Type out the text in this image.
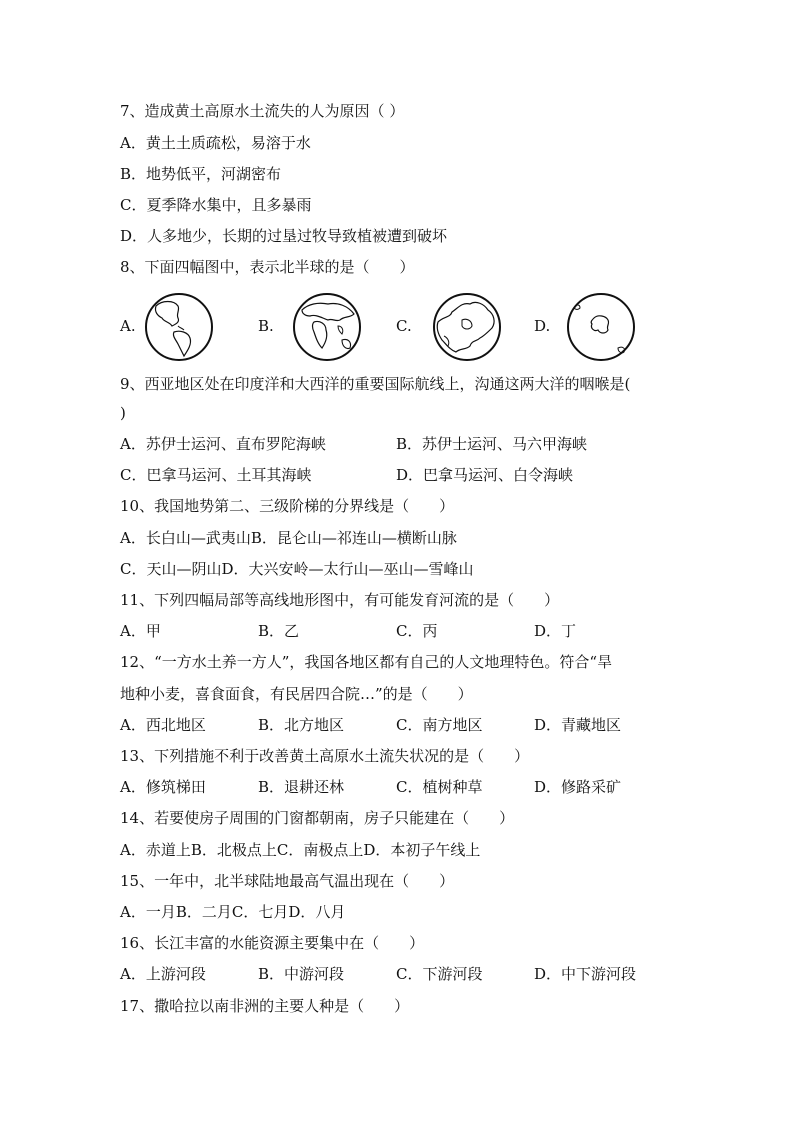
7、造成黄土高原水土流失的人为原因（ ）
A．黄土土质疏松，易溶于水
B．地势低平，河湖密布
C．夏季降水集中，且多暴雨
D．人多地少，长期的过垦过牧导致植被遭到破坏
8、下面四幅图中，表示北半球的是（　　）
A.	B.	C.	D.
9、西亚地区处在印度洋和大西洋的重要国际航线上，沟通这两大洋的咽喉是(
)
A．苏伊士运河、直布罗陀海峡	B．苏伊士运河、马六甲海峡
C．巴拿马运河、土耳其海峡	D．巴拿马运河、白令海峡
10、我国地势第二、三级阶梯的分界线是（　　）
A．长白山—武夷山B．昆仑山—祁连山—横断山脉
C．天山—阴山D．大兴安岭—太行山—巫山—雪峰山
11、下列四幅局部等高线地形图中，有可能发育河流的是（　　）
A．甲	B．乙	C．丙	D．丁
12、“一方水土养一方人”，我国各地区都有自己的人文地理特色。符合“旱
地种小麦，喜食面食，有民居四合院…”的是（　　）
A．西北地区	B．北方地区	C．南方地区	D．青藏地区
13、下列措施不利于改善黄土高原水土流失状况的是（　　）
A．修筑梯田	B．退耕还林	C．植树种草	D．修路采矿
14、若要使房子周围的门窗都朝南，房子只能建在（　　）
A．赤道上B．北极点上C．南极点上D．本初子午线上
15、一年中，北半球陆地最高气温出现在（　　）
A．一月B．二月C．七月D．八月
16、长江丰富的水能资源主要集中在（　　）
A．上游河段	B．中游河段	C．下游河段	D．中下游河段
17、撒哈拉以南非洲的主要人种是（　　）
